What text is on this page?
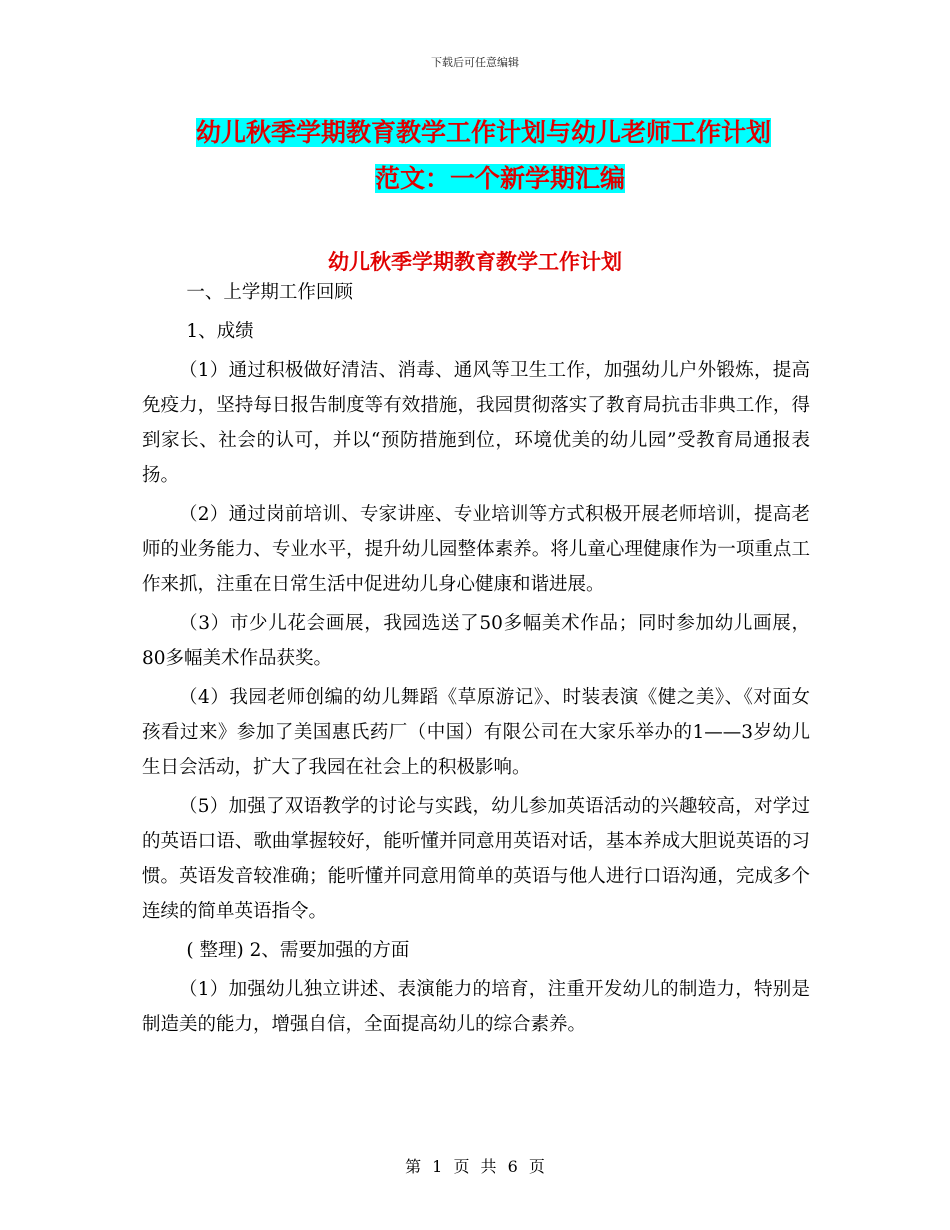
下载后可任意编辑
幼儿秋季学期教育教学工作计划与幼儿老师工作计划
范文：一个新学期汇编
幼儿秋季学期教育教学工作计划

一、上学期工作回顾

1、成绩

（1）通过积极做好清洁、消毒、通风等卫生工作，加强幼儿户外锻炼，提高免疫力，坚持每日报告制度等有效措施，我园贯彻落实了教育局抗击非典工作，得到家长、社会的认可，并以“预防措施到位，环境优美的幼儿园”受教育局通报表扬。

（2）通过岗前培训、专家讲座、专业培训等方式积极开展老师培训，提高老师的业务能力、专业水平，提升幼儿园整体素养。将儿童心理健康作为一项重点工作来抓，注重在日常生活中促进幼儿身心健康和谐进展。

（3）市少儿花会画展，我园选送了50多幅美术作品；同时参加幼儿画展，80多幅美术作品获奖。

（4）我园老师创编的幼儿舞蹈《草原游记》、时装表演《健之美》、《对面女孩看过来》参加了美国惠氏药厂（中国）有限公司在大家乐举办的1——3岁幼儿生日会活动，扩大了我园在社会上的积极影响。

（5）加强了双语教学的讨论与实践，幼儿参加英语活动的兴趣较高，对学过的英语口语、歌曲掌握较好，能听懂并同意用英语对话，基本养成大胆说英语的习惯。英语发音较准确；能听懂并同意用简单的英语与他人进行口语沟通，完成多个连续的简单英语指令。

( 整理) 2、需要加强的方面

（1）加强幼儿独立讲述、表演能力的培育，注重开发幼儿的制造力，特别是制造美的能力，增强自信，全面提高幼儿的综合素养。

第 1 页 共 6 页
